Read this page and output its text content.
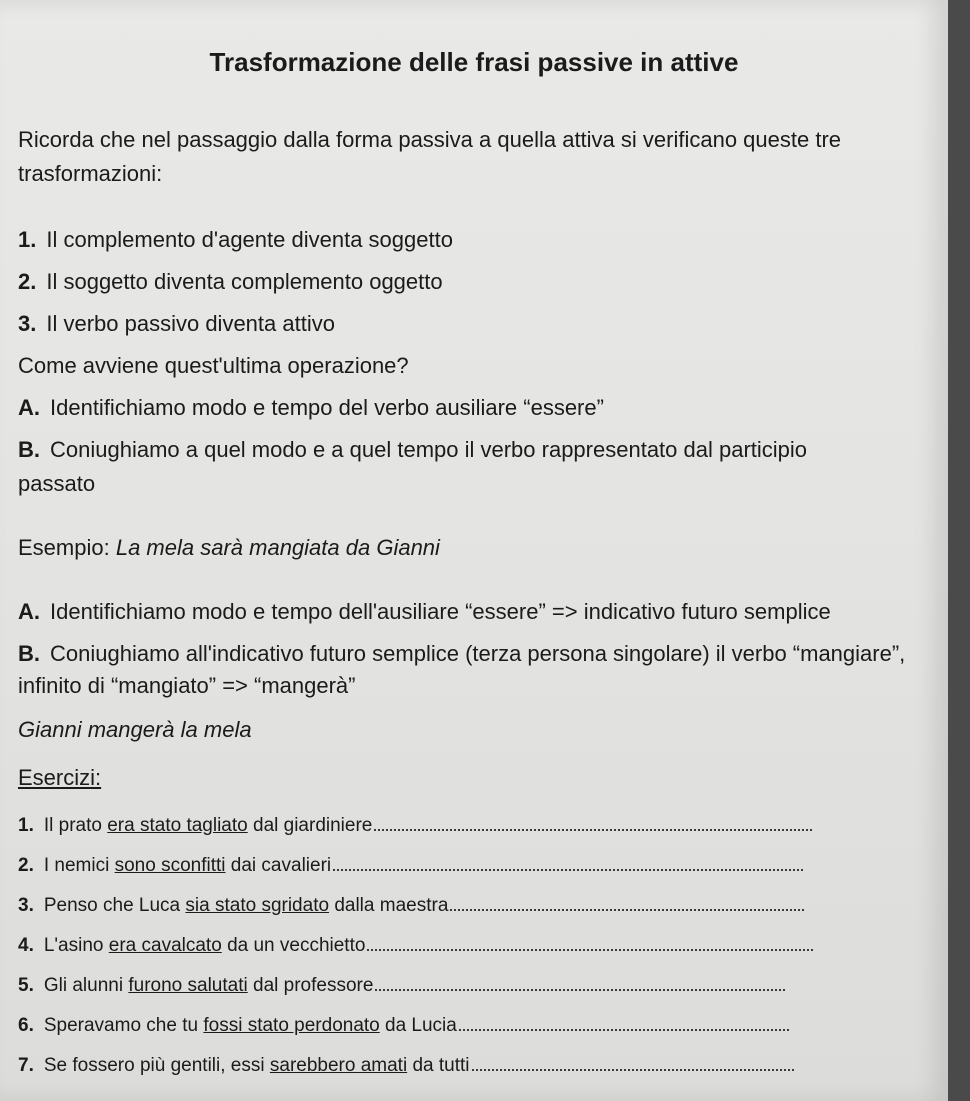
Trasformazione delle frasi passive in attive
Ricorda che nel passaggio dalla forma passiva a quella attiva si verificano queste tre
trasformazioni:
1. Il complemento d'agente diventa soggetto
2. Il soggetto diventa complemento oggetto
3. Il verbo passivo diventa attivo
Come avviene quest'ultima operazione?
A. Identifichiamo modo e tempo del verbo ausiliare “essere”
B. Coniughiamo a quel modo e a quel tempo il verbo rappresentato dal participio
passato
Esempio: La mela sarà mangiata da Gianni
A. Identifichiamo modo e tempo dell'ausiliare “essere” => indicativo futuro semplice
B. Coniughiamo all'indicativo futuro semplice (terza persona singolare) il verbo “mangiare”,
infinito di “mangiato” => “mangerà”
Gianni mangerà la mela
Esercizi:
1. Il prato era stato tagliato dal giardiniere
2. I nemici sono sconfitti dai cavalieri
3. Penso che Luca sia stato sgridato dalla maestra
4. L'asino era cavalcato da un vecchietto
5. Gli alunni furono salutati dal professore
6. Speravamo che tu fossi stato perdonato da Lucia
7. Se fossero più gentili, essi sarebbero amati da tutti
